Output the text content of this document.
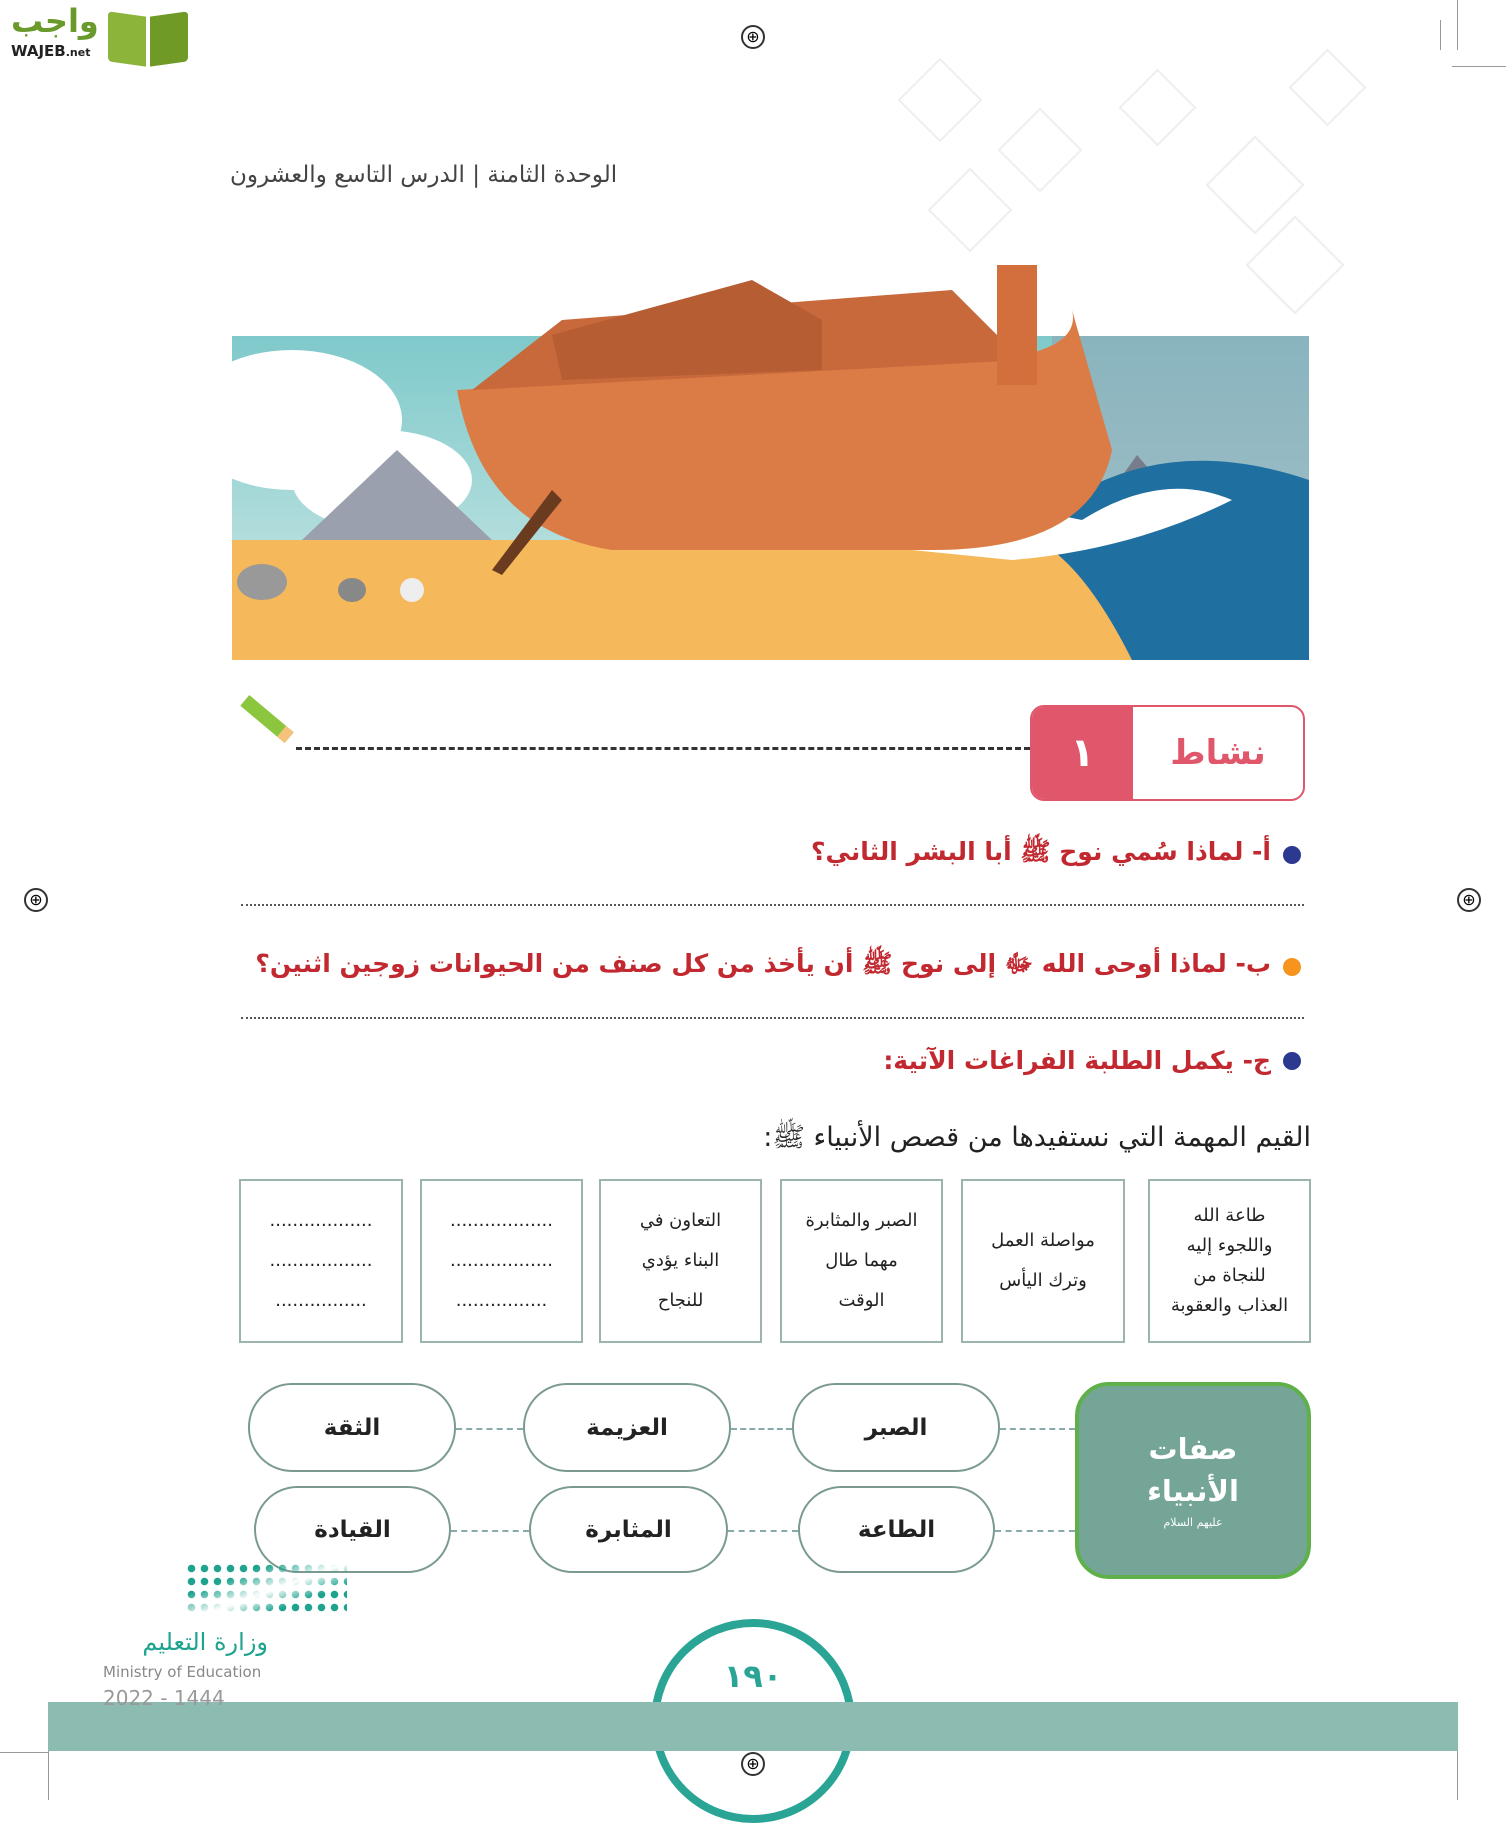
⊕
⊕	⊕
⊕
واجب
WAJEB.net
الوحدة الثامنة | الدرس التاسع والعشرون
١	نشاط
أ- لماذا سُمي نوح ﷺ أبا البشر الثاني؟
ب- لماذا أوحى الله ﷻ إلى نوح ﷺ أن يأخذ من كل صنف من الحيوانات زوجين اثنين؟
ج- يكمل الطلبة الفراغات الآتية:
القيم المهمة التي نستفيدها من قصص الأنبياء ﷺ:
طاعة الله
واللجوء إليه
للنجاة من
العذاب والعقوبة
مواصلة العمل
وترك اليأس
الصبر والمثابرة
مهما طال
الوقت
التعاون في
البناء يؤدي
للنجاح
..................
..................
................
..................
..................
................
صفات
الأنبياء
عليهم السلام
الصبر
العزيمة
الثقة
الطاعة
المثابرة
القيادة
وزارة التعليم
Ministry of Education
2022 - 1444
١٩٠
